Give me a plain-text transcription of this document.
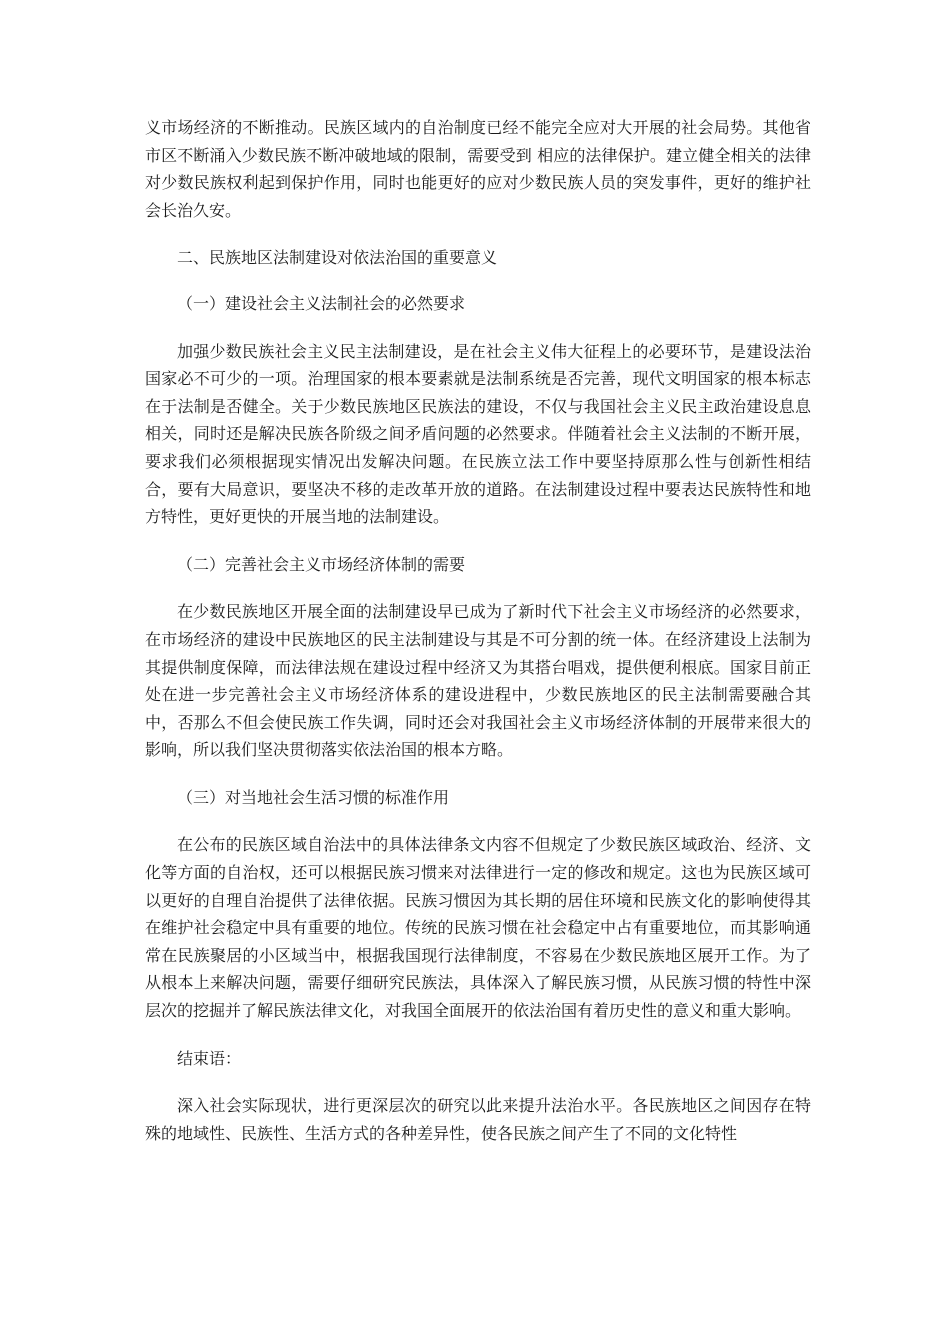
义市场经济的不断推动。民族区域内的自治制度已经不能完全应对大开展的社会局势。其他省市区不断涌入少数民族不断冲破地域的限制，需要受到 相应的法律保护。建立健全相关的法律对少数民族权利起到保护作用，同时也能更好的应对少数民族人员的突发事件，更好的维护社会长治久安。

二、民族地区法制建设对依法治国的重要意义

（一）建设社会主义法制社会的必然要求

加强少数民族社会主义民主法制建设，是在社会主义伟大征程上的必要环节，是建设法治国家必不可少的一项。治理国家的根本要素就是法制系统是否完善，现代文明国家的根本标志在于法制是否健全。关于少数民族地区民族法的建设，不仅与我国社会主义民主政治建设息息相关，同时还是解决民族各阶级之间矛盾问题的必然要求。伴随着社会主义法制的不断开展，要求我们必须根据现实情况出发解决问题。在民族立法工作中要坚持原那么性与创新性相结合，要有大局意识，要坚决不移的走改革开放的道路。在法制建设过程中要表达民族特性和地方特性，更好更快的开展当地的法制建设。

（二）完善社会主义市场经济体制的需要

在少数民族地区开展全面的法制建设早已成为了新时代下社会主义市场经济的必然要求，在市场经济的建设中民族地区的民主法制建设与其是不可分割的统一体。在经济建设上法制为其提供制度保障，而法律法规在建设过程中经济又为其搭台唱戏，提供便利根底。国家目前正处在进一步完善社会主义市场经济体系的建设进程中，少数民族地区的民主法制需要融合其中，否那么不但会使民族工作失调，同时还会对我国社会主义市场经济体制的开展带来很大的影响，所以我们坚决贯彻落实依法治国的根本方略。

（三）对当地社会生活习惯的标准作用

在公布的民族区域自治法中的具体法律条文内容不但规定了少数民族区域政治、经济、文化等方面的自治权，还可以根据民族习惯来对法律进行一定的修改和规定。这也为民族区域可以更好的自理自治提供了法律依据。民族习惯因为其长期的居住环境和民族文化的影响使得其在维护社会稳定中具有重要的地位。传统的民族习惯在社会稳定中占有重要地位，而其影响通常在民族聚居的小区域当中，根据我国现行法律制度，不容易在少数民族地区展开工作。为了从根本上来解决问题，需要仔细研究民族法，具体深入了解民族习惯，从民族习惯的特性中深层次的挖掘并了解民族法律文化，对我国全面展开的依法治国有着历史性的意义和重大影响。

结束语：

深入社会实际现状，进行更深层次的研究以此来提升法治水平。各民族地区之间因存在特殊的地域性、民族性、生活方式的各种差异性，使各民族之间产生了不同的文化特性
